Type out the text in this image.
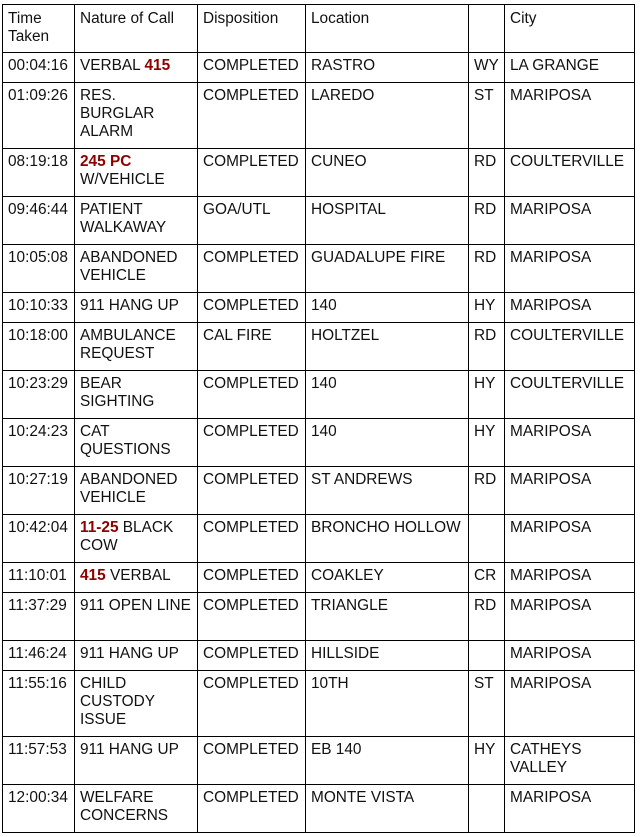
Time Taken	Nature of Call	Disposition	Location		City
00:04:16	VERBAL 415	COMPLETED	RASTRO	WY	LA GRANGE
01:09:26	RES. BURGLAR ALARM	COMPLETED	LAREDO	ST	MARIPOSA
08:19:18	245 PC W/VEHICLE	COMPLETED	CUNEO	RD	COULTERVILLE
09:46:44	PATIENT WALKAWAY	GOA/UTL	HOSPITAL	RD	MARIPOSA
10:05:08	ABANDONED VEHICLE	COMPLETED	GUADALUPE FIRE	RD	MARIPOSA
10:10:33	911 HANG UP	COMPLETED	140	HY	MARIPOSA
10:18:00	AMBULANCE REQUEST	CAL FIRE	HOLTZEL	RD	COULTERVILLE
10:23:29	BEAR SIGHTING	COMPLETED	140	HY	COULTERVILLE
10:24:23	CAT QUESTIONS	COMPLETED	140	HY	MARIPOSA
10:27:19	ABANDONED VEHICLE	COMPLETED	ST ANDREWS	RD	MARIPOSA
10:42:04	11-25 BLACK COW	COMPLETED	BRONCHO HOLLOW		MARIPOSA
11:10:01	415 VERBAL	COMPLETED	COAKLEY	CR	MARIPOSA
11:37:29	911 OPEN LINE	COMPLETED	TRIANGLE	RD	MARIPOSA
11:46:24	911 HANG UP	COMPLETED	HILLSIDE		MARIPOSA
11:55:16	CHILD CUSTODY ISSUE	COMPLETED	10TH	ST	MARIPOSA
11:57:53	911 HANG UP	COMPLETED	EB 140	HY	CATHEYS VALLEY
12:00:34	WELFARE CONCERNS	COMPLETED	MONTE VISTA		MARIPOSA
